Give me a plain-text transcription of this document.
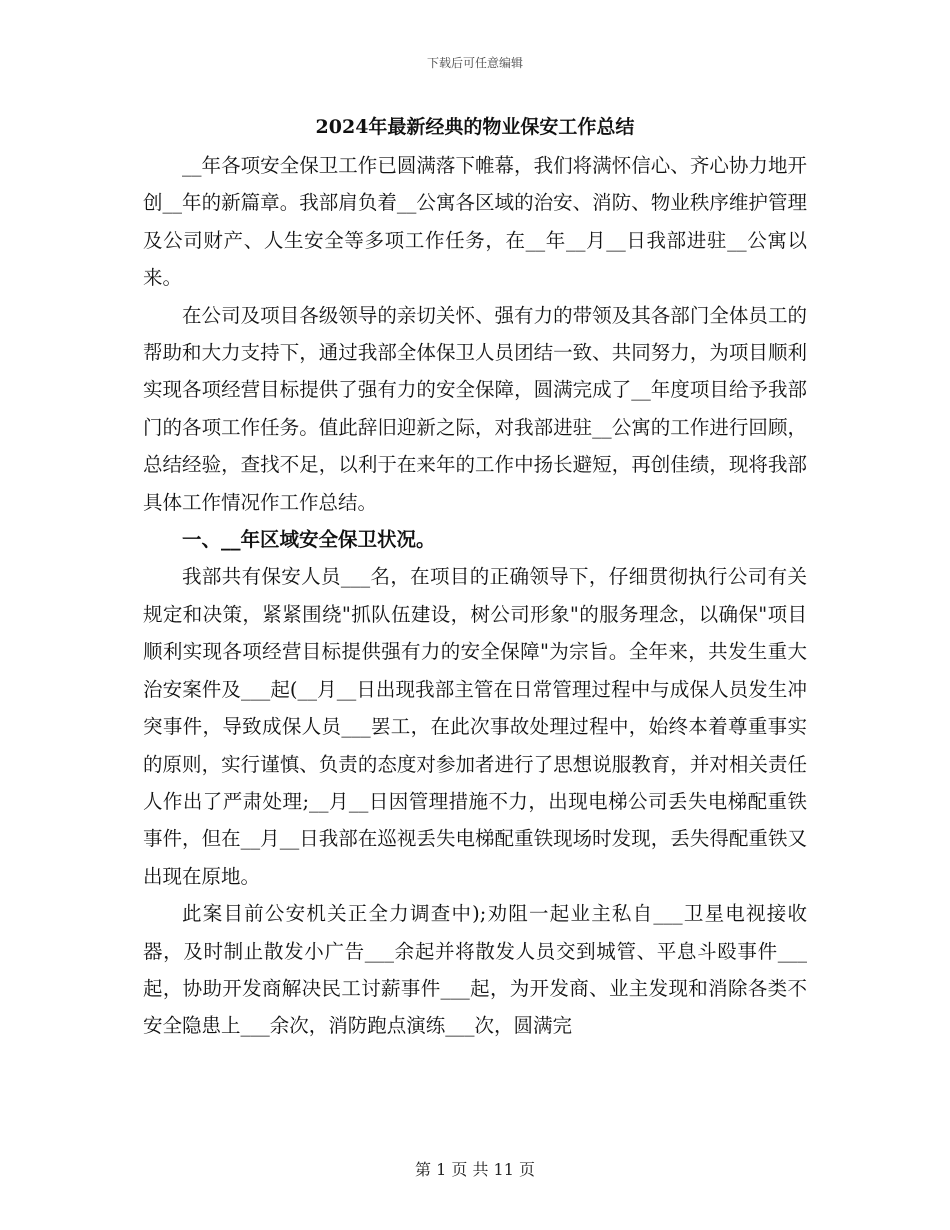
下载后可任意编辑
2024年最新经典的物业保安工作总结

__年各项安全保卫工作已圆满落下帷幕，我们将满怀信心、齐心协力地开创__年的新篇章。我部肩负着__公寓各区域的治安、消防、物业秩序维护管理及公司财产、人生安全等多项工作任务，在__年__月__日我部进驻__公寓以来。

在公司及项目各级领导的亲切关怀、强有力的带领及其各部门全体员工的帮助和大力支持下，通过我部全体保卫人员团结一致、共同努力，为项目顺利实现各项经营目标提供了强有力的安全保障，圆满完成了__年度项目给予我部门的各项工作任务。值此辞旧迎新之际，对我部进驻__公寓的工作进行回顾，总结经验，查找不足，以利于在来年的工作中扬长避短，再创佳绩，现将我部具体工作情况作工作总结。

一、__年区域安全保卫状况。

我部共有保安人员___名，在项目的正确领导下，仔细贯彻执行公司有关规定和决策，紧紧围绕"抓队伍建设，树公司形象"的服务理念，以确保"项目顺利实现各项经营目标提供强有力的安全保障"为宗旨。全年来，共发生重大治安案件及___起(__月__日出现我部主管在日常管理过程中与成保人员发生冲突事件，导致成保人员___罢工，在此次事故处理过程中，始终本着尊重事实的原则，实行谨慎、负责的态度对参加者进行了思想说服教育，并对相关责任人作出了严肃处理;__月__日因管理措施不力，出现电梯公司丢失电梯配重铁事件，但在__月__日我部在巡视丢失电梯配重铁现场时发现，丢失得配重铁又出现在原地。

此案目前公安机关正全力调查中);劝阻一起业主私自___卫星电视接收器，及时制止散发小广告___余起并将散发人员交到城管、平息斗殴事件___起，协助开发商解决民工讨薪事件___起，为开发商、业主发现和消除各类不安全隐患上___余次，消防跑点演练___次，圆满完

第 1 页 共 11 页
